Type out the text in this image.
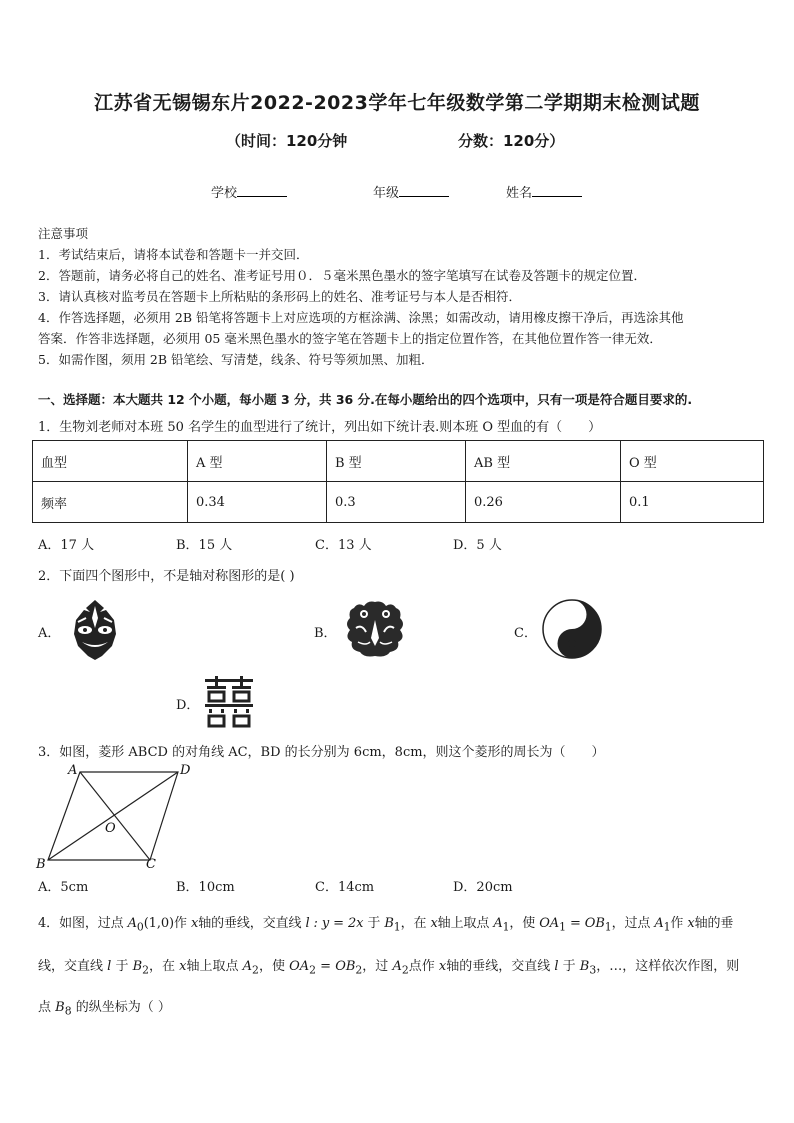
江苏省无锡锡东片2022-2023学年七年级数学第二学期期末检测试题
（时间：120分钟	分数：120分）
学校	年级	姓名
注意事项
1．考试结束后，请将本试卷和答题卡一并交回．
2．答题前，请务必将自己的姓名、准考证号用０．５毫米黑色墨水的签字笔填写在试卷及答题卡的规定位置．
3．请认真核对监考员在答题卡上所粘贴的条形码上的姓名、准考证号与本人是否相符．
4．作答选择题，必须用 2B 铅笔将答题卡上对应选项的方框涂满、涂黑；如需改动，请用橡皮擦干净后，再选涂其他
答案．作答非选择题，必须用 05 毫米黑色墨水的签字笔在答题卡上的指定位置作答，在其他位置作答一律无效．
5．如需作图，须用 2B 铅笔绘、写清楚，线条、符号等须加黑、加粗．
一、选择题：本大题共 12 个小题，每小题 3 分，共 36 分.在每小题给出的四个选项中，只有一项是符合题目要求的.
1．生物刘老师对本班 50 名学生的血型进行了统计，列出如下统计表.则本班 O 型血的有（　　）
血型	A 型	B 型	AB 型	O 型
频率	0.34	0.3	0.26	0.1
A．17 人	B．15 人	C．13 人	D．5 人
2．下面四个图形中，不是轴对称图形的是( )
A．	B．	C．
D．
3．如图，菱形 ABCD 的对角线 AC，BD 的长分别为 6cm，8cm，则这个菱形的周长为（　　）
A	D
O
B	C
A．5cm	B．10cm	C．14cm	D．20cm
4．如图，过点 $A_0(1,0)$作 x轴的垂线，交直线 l : y = 2x 于 $B_1$，在 x轴上取点 $A_1$，使 $OA_1 = OB_1$，过点 $A_1$作 x轴的垂
线，交直线 l 于 $B_2$，在 x轴上取点 $A_2$，使 $OA_2 = OB_2$，过 $A_2$点作 x轴的垂线，交直线 l 于 $B_3$，…，这样依次作图，则
点 $B_8$ 的纵坐标为（ ）
